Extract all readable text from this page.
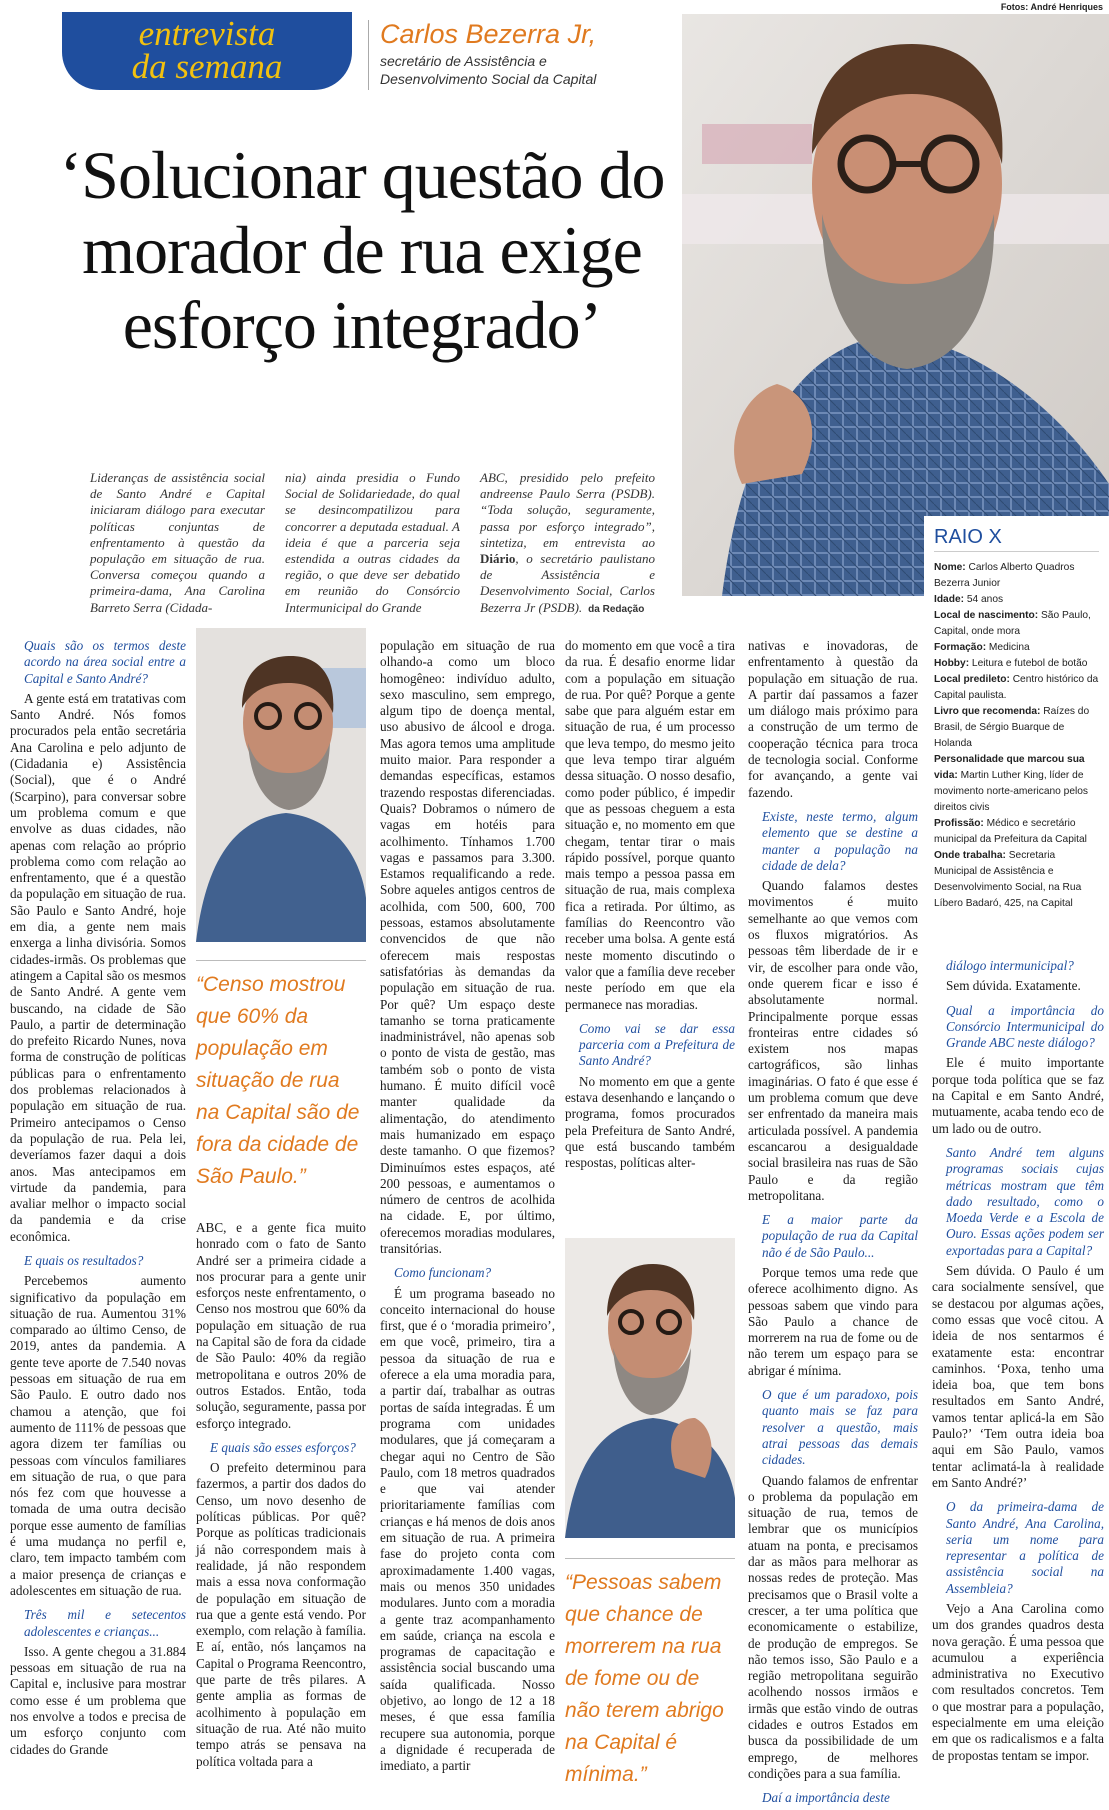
Fotos: André Henriques
entrevista
da semana
Carlos Bezerra Jr,
secretário de Assistência e
Desenvolvimento Social da Capital
‘Solucionar questão do
morador de rua exige
esforço integrado’
Lideranças de assistência social de Santo André e Capital iniciaram diálogo para executar políticas conjuntas de enfrentamento à questão da população em situação de rua. Conversa começou quando a primeira-dama, Ana Carolina Barreto Serra (Cidada-
nia) ainda presidia o Fundo Social de Solidariedade, do qual se desincompatilizou para concorrer a deputada estadual. A ideia é que a parceria seja estendida a outras cidades da região, o que deve ser debatido em reunião do Consórcio Intermunicipal do Grande
ABC, presidido pelo prefeito andreense Paulo Serra (PSDB). “Toda solução, seguramente, passa por esforço integrado”, sintetiza, em entrevista ao Diário, o secretário paulistano de Assistência e Desenvolvimento Social, Carlos Bezerra Jr (PSDB). da Redação
RAIO X
Nome: Carlos Alberto Quadros Bezerra Junior
Idade: 54 anos
Local de nascimento: São Paulo, Capital, onde mora
Formação: Medicina
Hobby: Leitura e futebol de botão
Local predileto: Centro histórico da Capital paulista.
Livro que recomenda: Raízes do Brasil, de Sérgio Buarque de Holanda
Personalidade que marcou sua vida: Martin Luther King, líder de movimento norte-americano pelos direitos civis
Profissão: Médico e secretário municipal da Prefeitura da Capital
Onde trabalha: Secretaria Municipal de Assistência e Desenvolvimento Social, na Rua Líbero Badaró, 425, na Capital
“Censo mostrou que 60% da população em situação de rua na Capital são de fora da cidade de São Paulo.”
“Pessoas sabem que chance de morrerem na rua de fome ou de não terem abrigo na Capital é mínima.”
Quais são os termos deste acordo na área social entre a Capital e Santo André?
A gente está em tratativas com Santo André. Nós fomos procurados pela então secretária Ana Carolina e pelo adjunto de (Cidadania e) Assistência (Social), que é o André (Scarpino), para conversar sobre um problema comum e que envolve as duas cidades, não apenas com relação ao próprio problema como com relação ao enfrentamento, que é a questão da população em situação de rua. São Paulo e Santo André, hoje em dia, a gente nem mais enxerga a linha divisória. Somos cidades-irmãs. Os problemas que atingem a Capital são os mesmos de Santo André. A gente vem buscando, na cidade de São Paulo, a partir de determinação do prefeito Ricardo Nunes, nova forma de construção de políticas públicas para o enfrentamento dos problemas relacionados à população em situação de rua. Primeiro antecipamos o Censo da população de rua. Pela lei, deveríamos fazer daqui a dois anos. Mas antecipamos em virtude da pandemia, para avaliar melhor o impacto social da pandemia e da crise econômica.
E quais os resultados?
Percebemos aumento significativo da população em situação de rua. Aumentou 31% comparado ao último Censo, de 2019, antes da pandemia. A gente teve aporte de 7.540 novas pessoas em situação de rua em São Paulo. E outro dado nos chamou a atenção, que foi aumento de 111% de pessoas que agora dizem ter famílias ou pessoas com vínculos familiares em situação de rua, o que para nós fez com que houvesse a tomada de uma outra decisão porque esse aumento de famílias é uma mudança no perfil e, claro, tem impacto também com a maior presença de crianças e adolescentes em situação de rua.
Três mil e setecentos adolescentes e crianças...
Isso. A gente chegou a 31.884 pessoas em situação de rua na Capital e, inclusive para mostrar como esse é um problema que nos envolve a todos e precisa de um esforço conjunto com cidades do Grande
ABC, e a gente fica muito honrado com o fato de Santo André ser a primeira cidade a nos procurar para a gente unir esforços neste enfrentamento, o Censo nos mostrou que 60% da população em situação de rua na Capital são de fora da cidade de São Paulo: 40% da região metropolitana e outros 20% de outros Estados. Então, toda solução, seguramente, passa por esforço integrado.
E quais são esses esforços?
O prefeito determinou para fazermos, a partir dos dados do Censo, um novo desenho de políticas públicas. Por quê? Porque as políticas tradicionais já não correspondem mais à realidade, já não respondem mais a essa nova conformação de população em situação de rua que a gente está vendo. Por exemplo, com relação à família. E aí, então, nós lançamos na Capital o Programa Reencontro, que parte de três pilares. A gente amplia as formas de acolhimento à população em situação de rua. Até não muito tempo atrás se pensava na política voltada para a
população em situação de rua olhando-a como um bloco homogêneo: indivíduo adulto, sexo masculino, sem emprego, algum tipo de doença mental, uso abusivo de álcool e droga. Mas agora temos uma amplitude muito maior. Para responder a demandas específicas, estamos trazendo respostas diferenciadas. Quais? Dobramos o número de vagas em hotéis para acolhimento. Tínhamos 1.700 vagas e passamos para 3.300. Estamos requalificando a rede. Sobre aqueles antigos centros de acolhida, com 500, 600, 700 pessoas, estamos absolutamente convencidos de que não oferecem mais respostas satisfatórias às demandas da população em situação de rua. Por quê? Um espaço deste tamanho se torna praticamente inadministrável, não apenas sob o ponto de vista de gestão, mas também sob o ponto de vista humano. É muito difícil você manter qualidade da alimentação, do atendimento mais humanizado em espaço deste tamanho. O que fizemos? Diminuímos estes espaços, até 200 pessoas, e aumentamos o número de centros de acolhida na cidade. E, por último, oferecemos moradias modulares, transitórias.
Como funcionam?
É um programa baseado no conceito internacional do house first, que é o ‘moradia primeiro’, em que você, primeiro, tira a pessoa da situação de rua e oferece a ela uma moradia para, a partir daí, trabalhar as outras portas de saída integradas. É um programa com unidades modulares, que já começaram a chegar aqui no Centro de São Paulo, com 18 metros quadrados e que vai atender prioritariamente famílias com crianças e há menos de dois anos em situação de rua. A primeira fase do projeto conta com aproximadamente 1.400 vagas, mais ou menos 350 unidades modulares. Junto com a moradia a gente traz acompanhamento em saúde, criança na escola e programas de capacitação e assistência social buscando uma saída qualificada. Nosso objetivo, ao longo de 12 a 18 meses, é que essa família recupere sua autonomia, porque a dignidade é recuperada de imediato, a partir
do momento em que você a tira da rua. É desafio enorme lidar com a população em situação de rua. Por quê? Porque a gente sabe que para alguém estar em situação de rua, é um processo que leva tempo, do mesmo jeito que leva tempo tirar alguém dessa situação. O nosso desafio, como poder público, é impedir que as pessoas cheguem a esta situação e, no momento em que chegam, tentar tirar o mais rápido possível, porque quanto mais tempo a pessoa passa em situação de rua, mais complexa fica a retirada. Por último, as famílias do Reencontro vão receber uma bolsa. A gente está neste momento discutindo o valor que a família deve receber neste período em que ela permanece nas moradias.
Como vai se dar essa parceria com a Prefeitura de Santo André?
No momento em que a gente estava desenhando e lançando o programa, fomos procurados pela Prefeitura de Santo André, que está buscando também respostas, políticas alter-
nativas e inovadoras, de enfrentamento à questão da população em situação de rua. A partir daí passamos a fazer um diálogo mais próximo para a construção de um termo de cooperação técnica para troca de tecnologia social. Conforme for avançando, a gente vai fazendo.
Existe, neste termo, algum elemento que se destine a manter a população na cidade de dela?
Quando falamos destes movimentos é muito semelhante ao que vemos com os fluxos migratórios. As pessoas têm liberdade de ir e vir, de escolher para onde vão, onde querem ficar e isso é absolutamente normal. Principalmente porque essas fronteiras entre cidades só existem nos mapas cartográficos, são linhas imaginárias. O fato é que esse é um problema comum que deve ser enfrentado da maneira mais articulada possível. A pandemia escancarou a desigualdade social brasileira nas ruas de São Paulo e da região metropolitana.
E a maior parte da população de rua da Capital não é de São Paulo...
Porque temos uma rede que oferece acolhimento digno. As pessoas sabem que vindo para São Paulo a chance de morrerem na rua de fome ou de não terem um espaço para se abrigar é mínima.
O que é um paradoxo, pois quanto mais se faz para resolver a questão, mais atrai pessoas das demais cidades.
Quando falamos de enfrentar o problema da população em situação de rua, temos de lembrar que os municípios atuam na ponta, e precisamos dar as mãos para melhorar as nossas redes de proteção. Mas precisamos que o Brasil volte a crescer, a ter uma política que economicamente o estabilize, de produção de empregos. Se não temos isso, São Paulo e a região metropolitana seguirão acolhendo nossos irmãos e irmãs que estão vindo de outras cidades e outros Estados em busca da possibilidade de um emprego, de melhores condições para a sua família.
Daí a importância deste
diálogo intermunicipal?
Sem dúvida. Exatamente.
Qual a importância do Consórcio Intermunicipal do Grande ABC neste diálogo?
Ele é muito importante porque toda política que se faz na Capital e em Santo André, mutuamente, acaba tendo eco de um lado ou de outro.
Santo André tem alguns programas sociais cujas métricas mostram que têm dado resultado, como o Moeda Verde e a Escola de Ouro. Essas ações podem ser exportadas para a Capital?
Sem dúvida. O Paulo é um cara socialmente sensível, que se destacou por algumas ações, como essas que você citou. A ideia de nos sentarmos é exatamente esta: encontrar caminhos. ‘Poxa, tenho uma ideia boa, que tem bons resultados em Santo André, vamos tentar aplicá-la em São Paulo?’ ‘Tem outra ideia boa aqui em São Paulo, vamos tentar aclimatá-la à realidade em Santo André?’
O da primeira-dama de Santo André, Ana Carolina, seria um nome para representar a política de assistência social na Assembleia?
Vejo a Ana Carolina como um dos grandes quadros desta nova geração. É uma pessoa que acumulou a experiência administrativa no Executivo com resultados concretos. Tem o que mostrar para a população, especialmente em uma eleição em que os radicalismos e a falta de propostas tentam se impor.
